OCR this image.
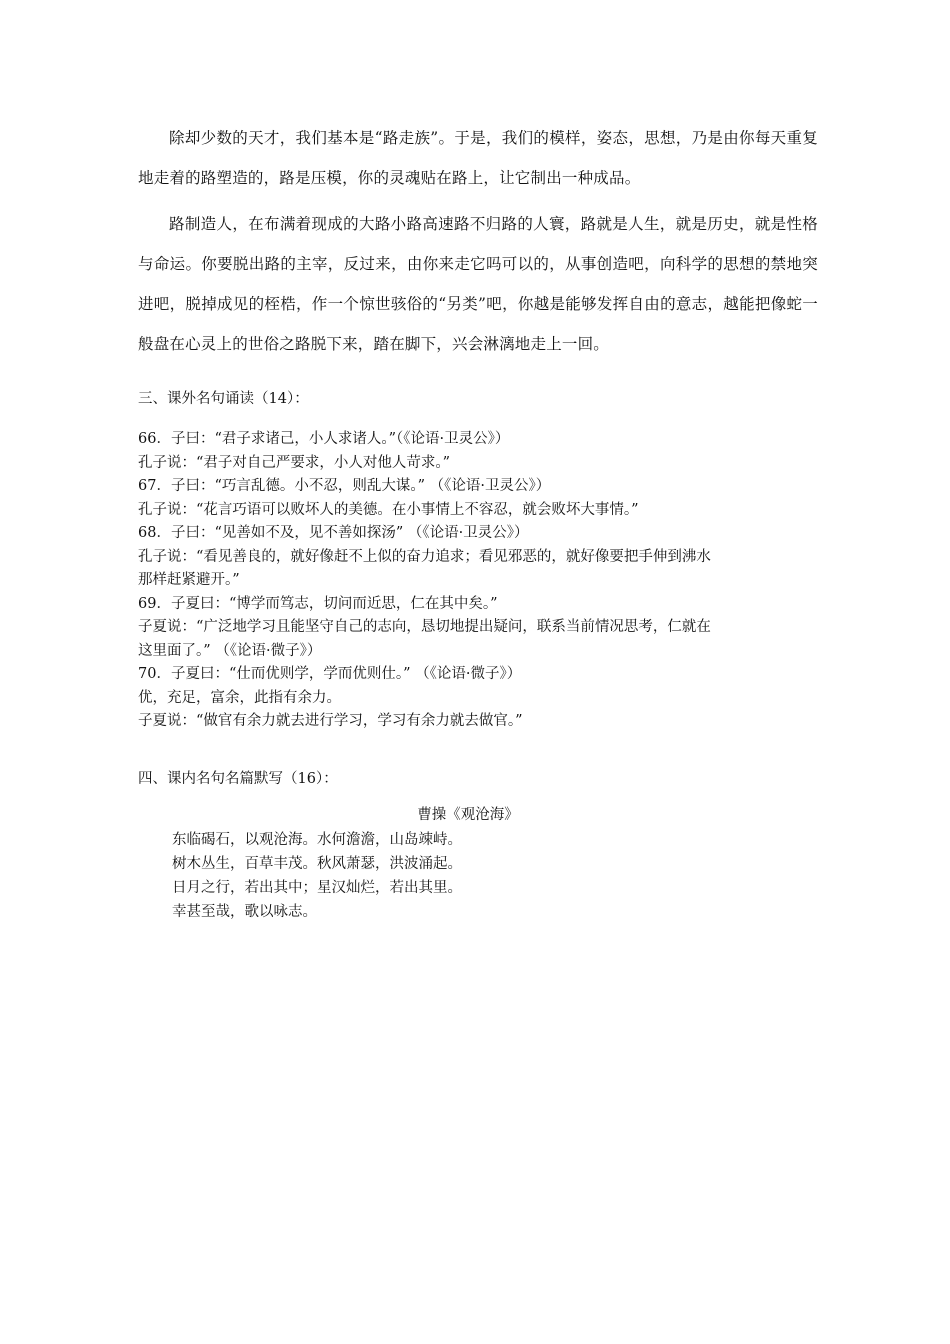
除却少数的天才，我们基本是“路走族”。于是，我们的模样，姿态，思想，乃是由你每天重复地走着的路塑造的，路是压模，你的灵魂贴在路上，让它制出一种成品。

路制造人，在布满着现成的大路小路高速路不归路的人寰，路就是人生，就是历史，就是性格与命运。你要脱出路的主宰，反过来，由你来走它吗可以的，从事创造吧，向科学的思想的禁地突进吧，脱掉成见的桎梏，作一个惊世骇俗的“另类”吧，你越是能够发挥自由的意志，越能把像蛇一般盘在心灵上的世俗之路脱下来，踏在脚下，兴会淋漓地走上一回。

三、课外名句诵读（14）：

66．子曰：“君子求诸己，小人求诸人。”（《论语·卫灵公》）

孔子说：“君子对自己严要求，小人对他人苛求。”

67．子曰：“巧言乱德。小不忍，则乱大谋。” （《论语·卫灵公》）

孔子说：“花言巧语可以败坏人的美德。在小事情上不容忍，就会败坏大事情。”

68．子曰：“见善如不及，见不善如探汤” （《论语·卫灵公》）

孔子说：“看见善良的，就好像赶不上似的奋力追求；看见邪恶的，就好像要把手伸到沸水

那样赶紧避开。”

69．子夏曰：“博学而笃志，切问而近思，仁在其中矣。”

子夏说：“广泛地学习且能坚守自己的志向，恳切地提出疑问，联系当前情况思考，仁就在

这里面了。” （《论语·微子》）

70．子夏曰：“仕而优则学，学而优则仕。” （《论语·微子》）

优，充足，富余，此指有余力。

子夏说：“做官有余力就去进行学习，学习有余力就去做官。”

四、课内名句名篇默写（16）：

曹操《观沧海》

东临碣石，以观沧海。水何澹澹，山岛竦峙。

树木丛生，百草丰茂。秋风萧瑟，洪波涌起。

日月之行，若出其中；星汉灿烂，若出其里。

幸甚至哉，歌以咏志。
